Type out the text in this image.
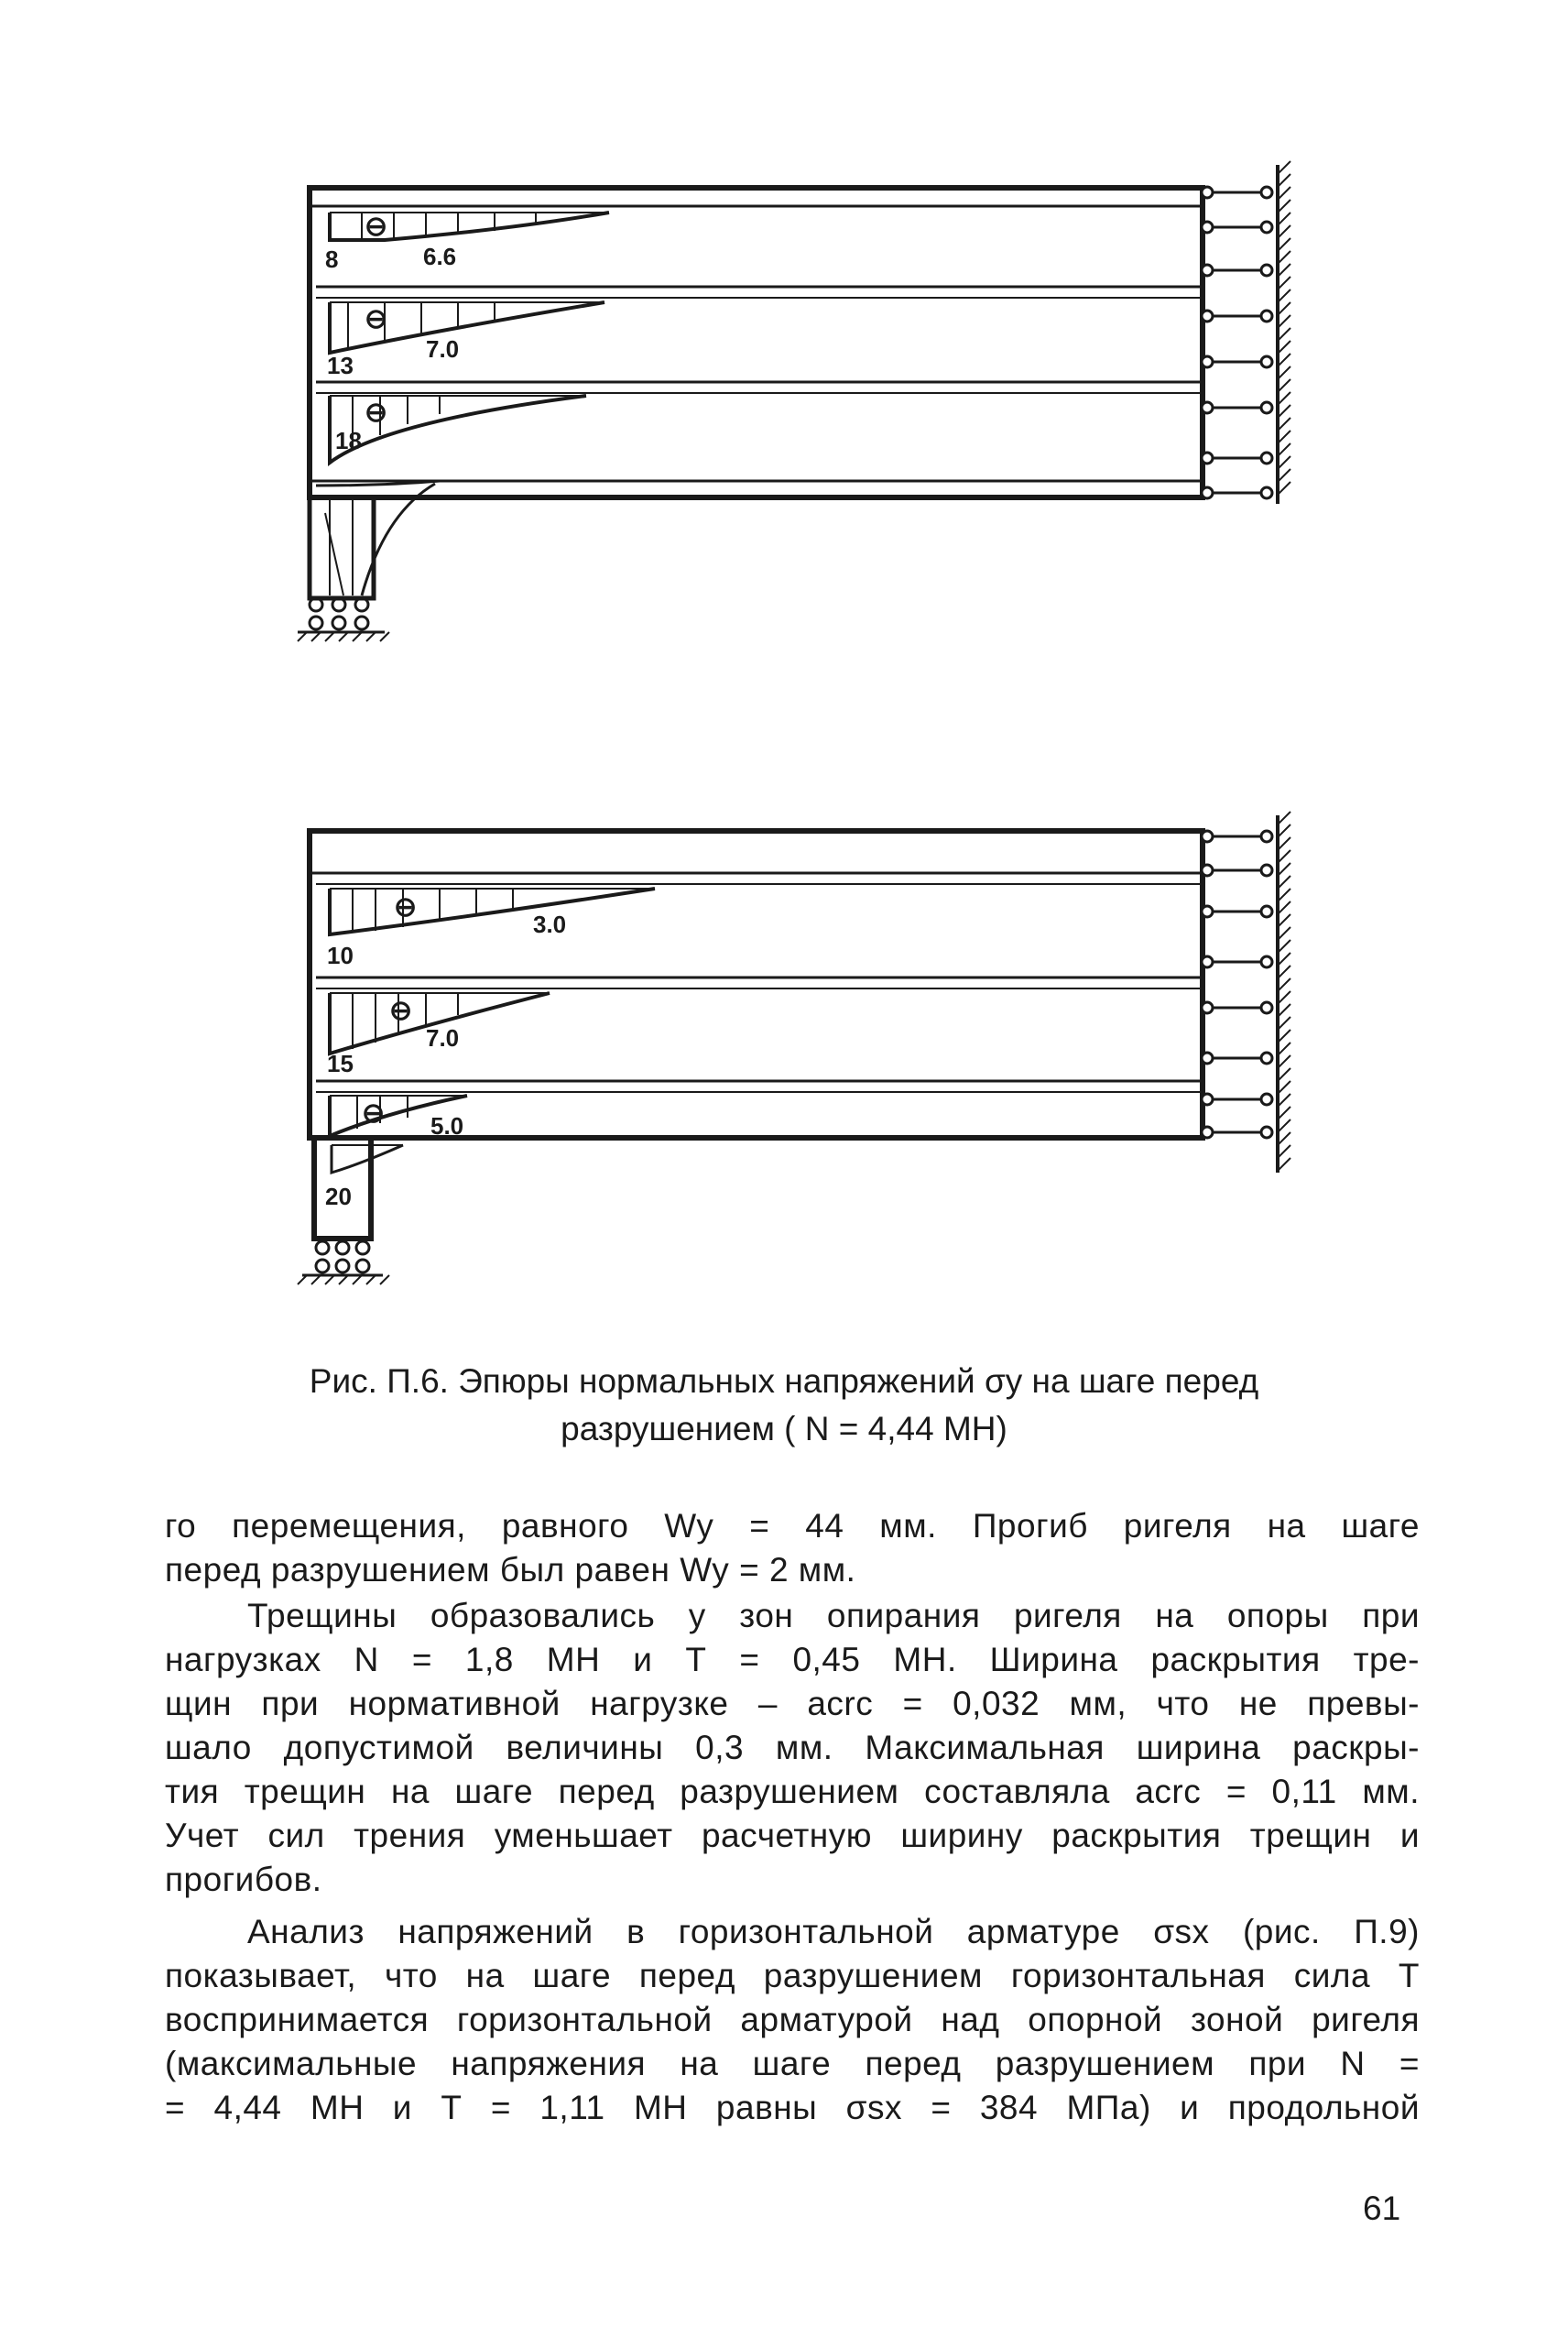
8	6.6
13
7.0
18
⊖
⊖
⊖
10
3.0
15
7.0
5.0
20
⊖
⊖
⊖
Рис. П.6. Эпюры нормальных напряжений σy на шаге перед
разрушением ( N = 4,44 МН)
го перемещения, равного Wy = 44 мм. Прогиб ригеля на шаге
перед разрушением был равен Wy = 2 мм.
Трещины образовались у зон опирания ригеля на опоры при
нагрузках N = 1,8 МН и Т = 0,45 МН. Ширина раскрытия тре-
щин при нормативной нагрузке – acrc = 0,032 мм, что не превы-
шало допустимой величины 0,3 мм. Максимальная ширина раскры-
тия трещин на шаге перед разрушением составляла acrc = 0,11 мм.
Учет сил трения уменьшает расчетную ширину раскрытия трещин и
прогибов.
Анализ напряжений в горизонтальной арматуре σsx (рис. П.9)
показывает, что на шаге перед разрушением горизонтальная сила Т
воспринимается горизонтальной арматурой над опорной зоной ригеля
(максимальные напряжения на шаге перед разрушением при N =
= 4,44 МН и Т = 1,11 МН равны σsx = 384 МПа) и продольной
61
